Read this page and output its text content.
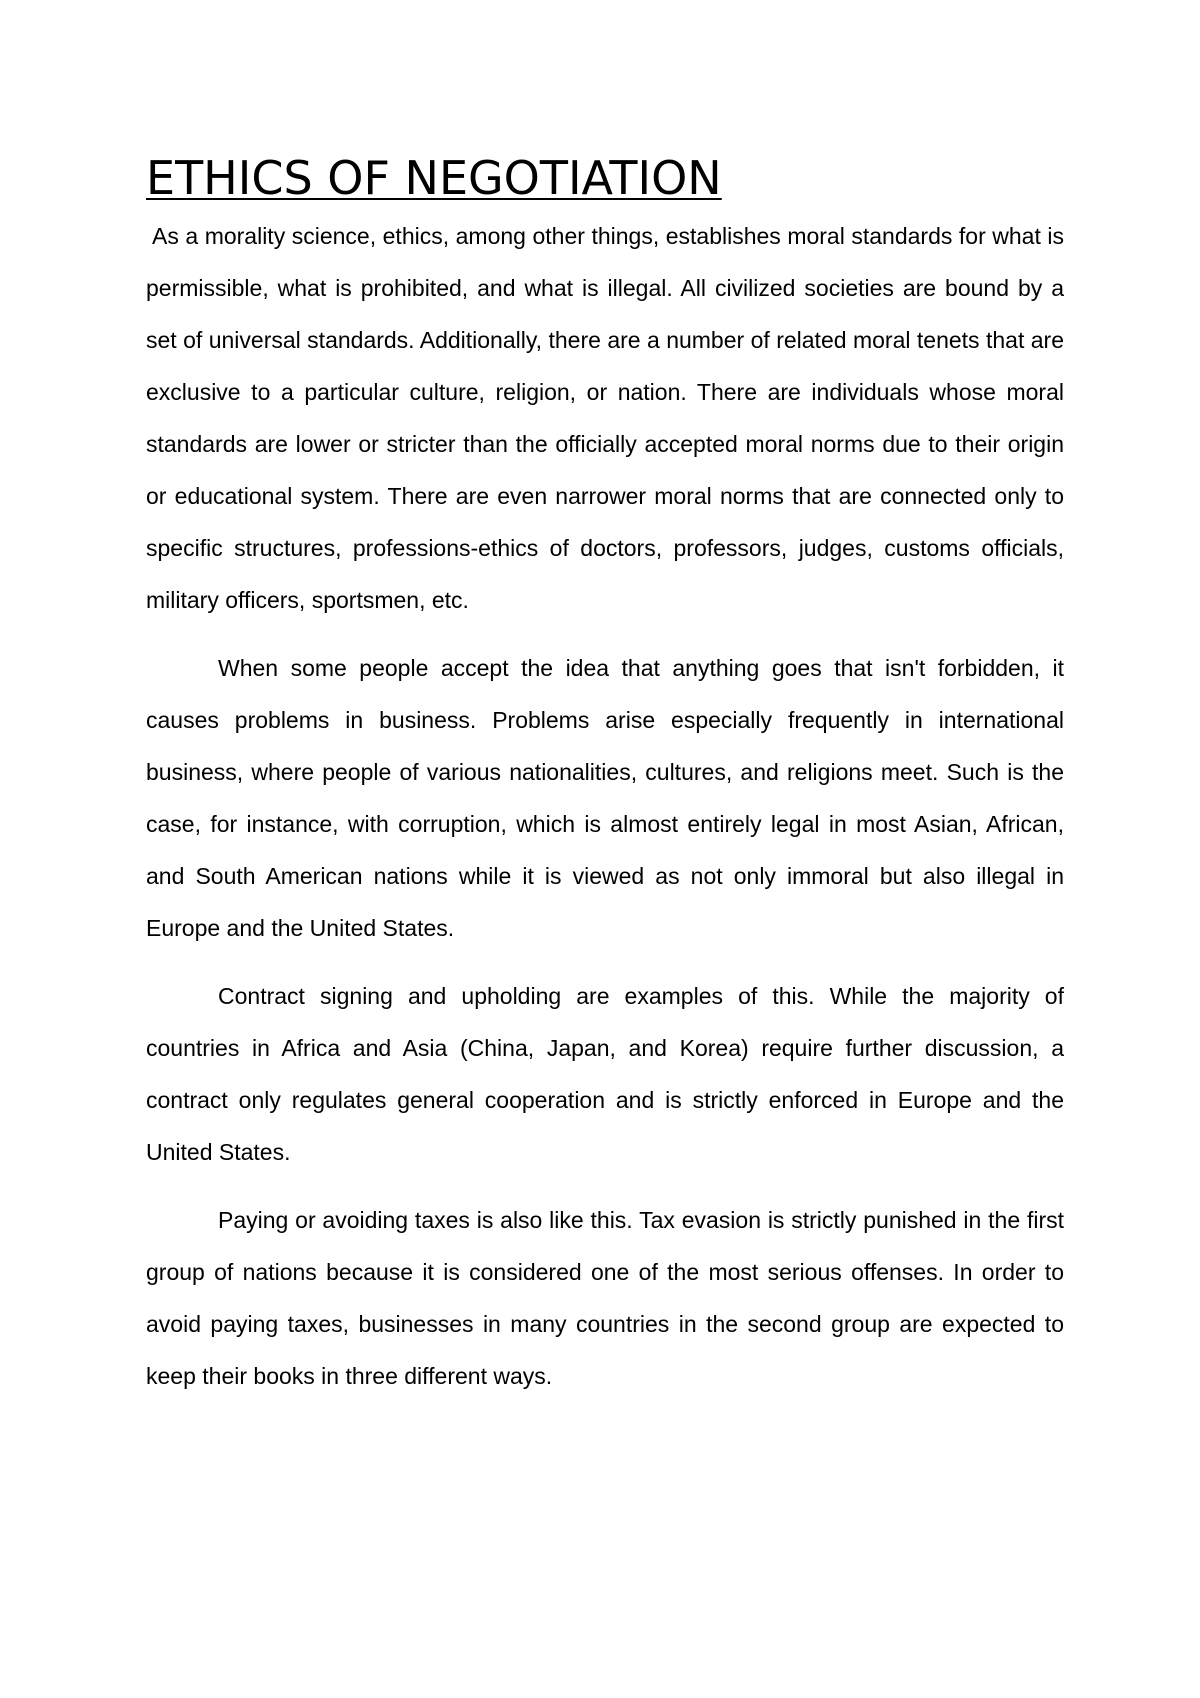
ETHICS OF NEGOTIATION

As a morality science, ethics, among other things, establishes moral standards for what is permissible, what is prohibited, and what is illegal. All civilized societies are bound by a set of universal standards. Additionally, there are a number of related moral tenets that are exclusive to a particular culture, religion, or nation. There are individuals whose moral standards are lower or stricter than the officially accepted moral norms due to their origin or educational system. There are even narrower moral norms that are connected only to specific structures, professions-ethics of doctors, professors, judges, customs officials, military officers, sportsmen, etc.

When some people accept the idea that anything goes that isn't forbidden, it causes problems in business. Problems arise especially frequently in international business, where people of various nationalities, cultures, and religions meet. Such is the case, for instance, with corruption, which is almost entirely legal in most Asian, African, and South American nations while it is viewed as not only immoral but also illegal in Europe and the United States.

Contract signing and upholding are examples of this. While the majority of countries in Africa and Asia (China, Japan, and Korea) require further discussion, a contract only regulates general cooperation and is strictly enforced in Europe and the United States.

Paying or avoiding taxes is also like this. Tax evasion is strictly punished in the first group of nations because it is considered one of the most serious offenses. In order to avoid paying taxes, businesses in many countries in the second group are expected to keep their books in three different ways.
